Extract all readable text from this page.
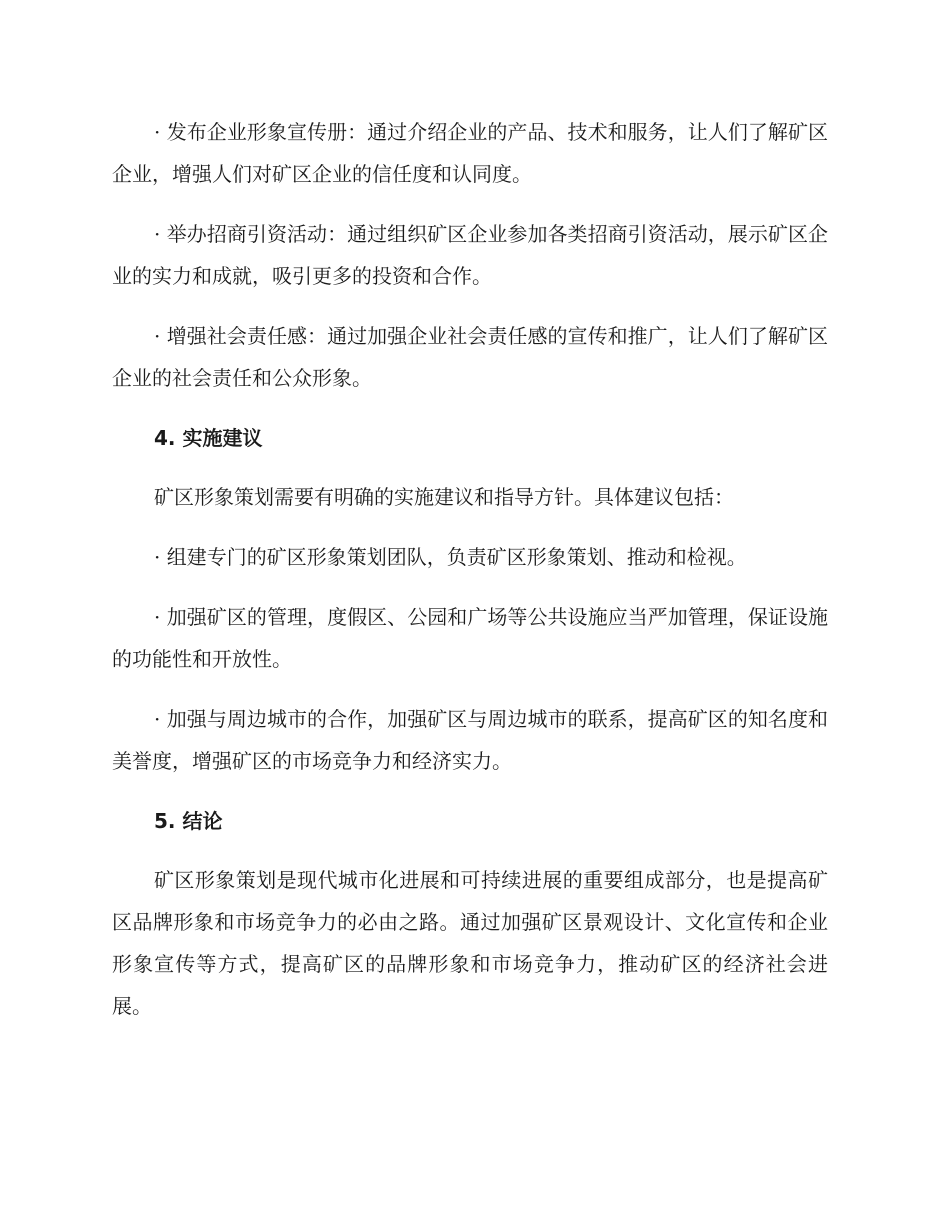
· 发布企业形象宣传册：通过介绍企业的产品、技术和服务，让人们了解矿区企业，增强人们对矿区企业的信任度和认同度。

· 举办招商引资活动：通过组织矿区企业参加各类招商引资活动，展示矿区企业的实力和成就，吸引更多的投资和合作。

· 增强社会责任感：通过加强企业社会责任感的宣传和推广，让人们了解矿区企业的社会责任和公众形象。

4. 实施建议

矿区形象策划需要有明确的实施建议和指导方针。具体建议包括：

· 组建专门的矿区形象策划团队，负责矿区形象策划、推动和检视。

· 加强矿区的管理，度假区、公园和广场等公共设施应当严加管理，保证设施的功能性和开放性。

· 加强与周边城市的合作，加强矿区与周边城市的联系，提高矿区的知名度和美誉度，增强矿区的市场竞争力和经济实力。

5. 结论

矿区形象策划是现代城市化进展和可持续进展的重要组成部分，也是提高矿区品牌形象和市场竞争力的必由之路。通过加强矿区景观设计、文化宣传和企业形象宣传等方式，提高矿区的品牌形象和市场竞争力，推动矿区的经济社会进展。
